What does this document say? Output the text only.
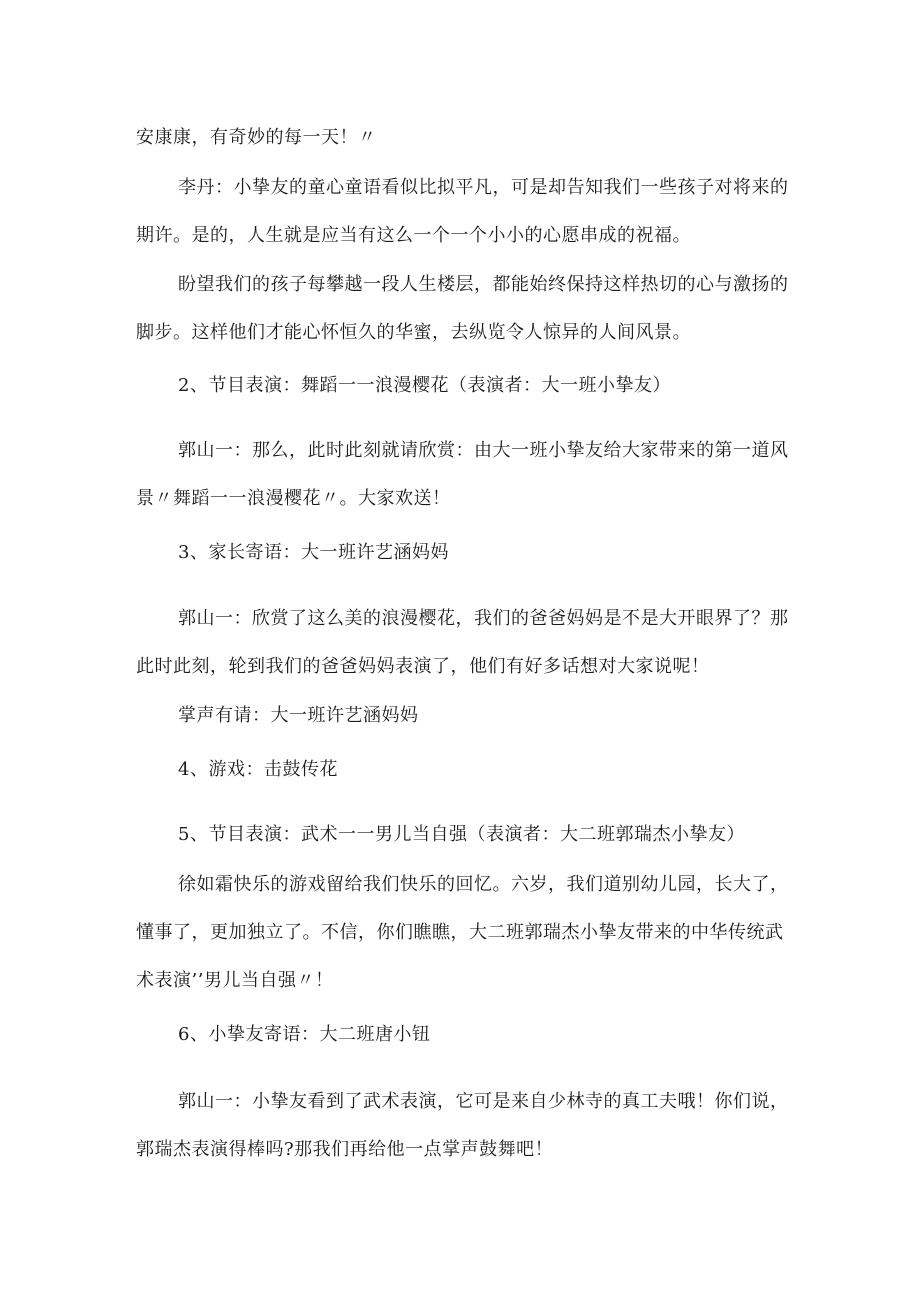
安康康，有奇妙的每一天！〃
李丹：小挚友的童心童语看似比拟平凡，可是却告知我们一些孩子对将来的
期许。是的，人生就是应当有这么一个一个小小的心愿串成的祝福。
盼望我们的孩子每攀越一段人生楼层，都能始终保持这样热切的心与激扬的
脚步。这样他们才能心怀恒久的华蜜，去纵览令人惊异的人间风景。
2、节目表演：舞蹈一一浪漫樱花（表演者：大一班小挚友）
郭山一：那么，此时此刻就请欣赏：由大一班小挚友给大家带来的第一道风
景〃舞蹈一一浪漫樱花〃。大家欢送！
3、家长寄语：大一班许艺涵妈妈
郭山一：欣赏了这么美的浪漫樱花，我们的爸爸妈妈是不是大开眼界了？那
此时此刻，轮到我们的爸爸妈妈表演了，他们有好多话想对大家说呢！
掌声有请：大一班许艺涵妈妈
4、游戏：击鼓传花
5、节目表演：武术一一男儿当自强（表演者：大二班郭瑞杰小挚友）
徐如霜快乐的游戏留给我们快乐的回忆。六岁，我们道别幼儿园，长大了，
懂事了，更加独立了。不信，你们瞧瞧，大二班郭瑞杰小挚友带来的中华传统武
术表演’’男儿当自强〃！
6、小挚友寄语：大二班唐小钮
郭山一：小挚友看到了武术表演，它可是来自少林寺的真工夫哦！你们说，
郭瑞杰表演得棒吗?那我们再给他一点掌声鼓舞吧！
